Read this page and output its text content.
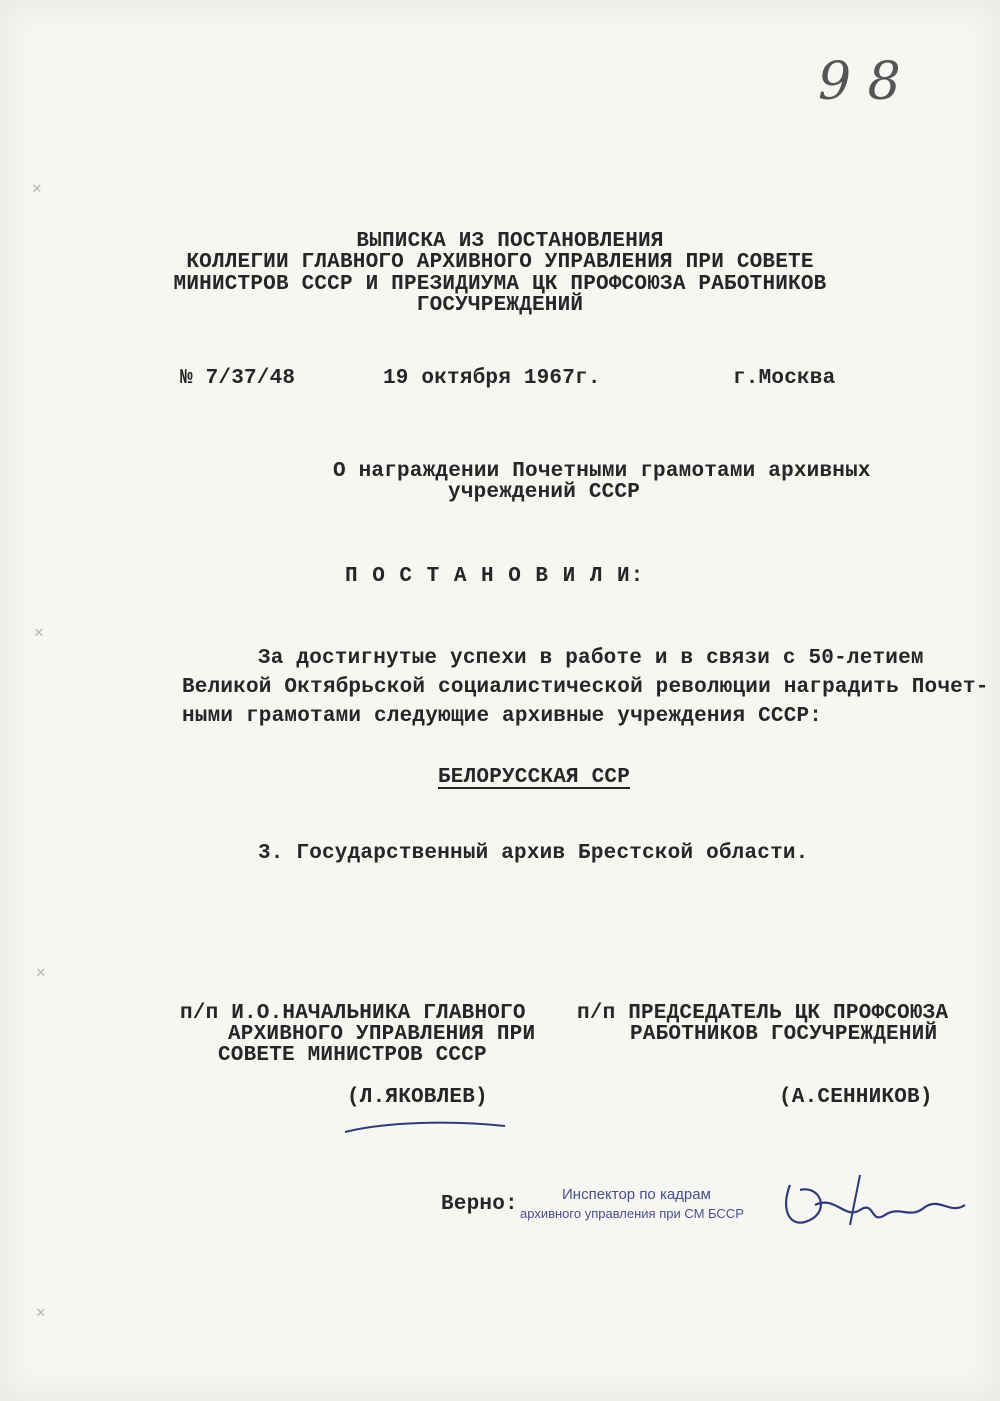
9 8
✕
✕
✕
✕
ВЫПИСКА ИЗ ПОСТАНОВЛЕНИЯ
КОЛЛЕГИИ ГЛАВНОГО АРХИВНОГО УПРАВЛЕНИЯ ПРИ СОВЕТЕ
МИНИСТРОВ СССР И ПРЕЗИДИУМА ЦК ПРОФСОЮЗА РАБОТНИКОВ
ГОСУЧРЕЖДЕНИЙ
№ 7/37/48	19 октября 1967г.	г.Москва
О награждении Почетными грамотами архивных
учреждений СССР
П О С Т А Н О В И Л И:
За достигнутые успехи в работе и в связи с 50-летием
Великой Октябрьской социалистической революции наградить Почет-
ными грамотами следующие архивные учреждения СССР:
БЕЛОРУССКАЯ ССР
3. Государственный архив Брестской области.
п/п И.О.НАЧАЛЬНИКА ГЛАВНОГО
АРХИВНОГО УПРАВЛЕНИЯ ПРИ
СОВЕТЕ МИНИСТРОВ СССР
(Л.ЯКОВЛЕВ)
п/п ПРЕДСЕДАТЕЛЬ ЦК ПРОФСОЮЗА
РАБОТНИКОВ ГОСУЧРЕЖДЕНИЙ
(А.СЕННИКОВ)
Верно:	Инспектор по кадрам
архивного управления при СМ БССР
